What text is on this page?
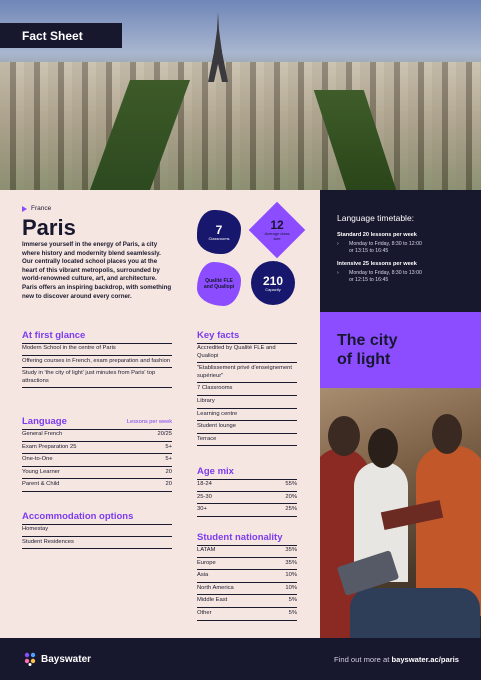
Fact Sheet
France
Paris
Immerse yourself in the energy of Paris, a city where history and modernity blend seamlessly. Our centrally located school places you at the heart of this vibrant metropolis, surrounded by world-renowned culture, art, and architecture. Paris offers an inspiring backdrop, with something new to discover around every corner.
7
Classrooms
12
Average class size
Qualité FLE and Qualiopi 210
Capacity
At first glance
Modern School in the centre of Paris
Offering courses in French, exam preparation and fashion
Study in 'the city of light' just minutes from Paris' top attractions
Language	Lessons per week
General French	20/25
Exam Preparation 25	5+
One-to-One	5+
Young Learner	20
Parent & Child	20
Accommodation options
Homestay
Student Residences
Key facts
Accredited by Qualité FLE and Qualiopi
"Etablissement privé d'enseignement supérieur"
7 Classrooms
Library
Learning centre
Student lounge
Terrace
Age mix
18-24	55%
25-30	20%
30+	25%
Student nationality
LATAM	35%
Europe	35%
Asia	10%
North America	10%
Middle East	5%
Other	5%
Language timetable:
Standard 20 lessons per week
›	Monday to Friday, 8:30 to 12:00
or 13:15 to 16:45
Intensive 25 lessons per week
›	Monday to Friday, 8:30 to 13:00
or 12:15 to 16:45
The city
of light
Bayswater	Find out more at bayswater.ac/paris
